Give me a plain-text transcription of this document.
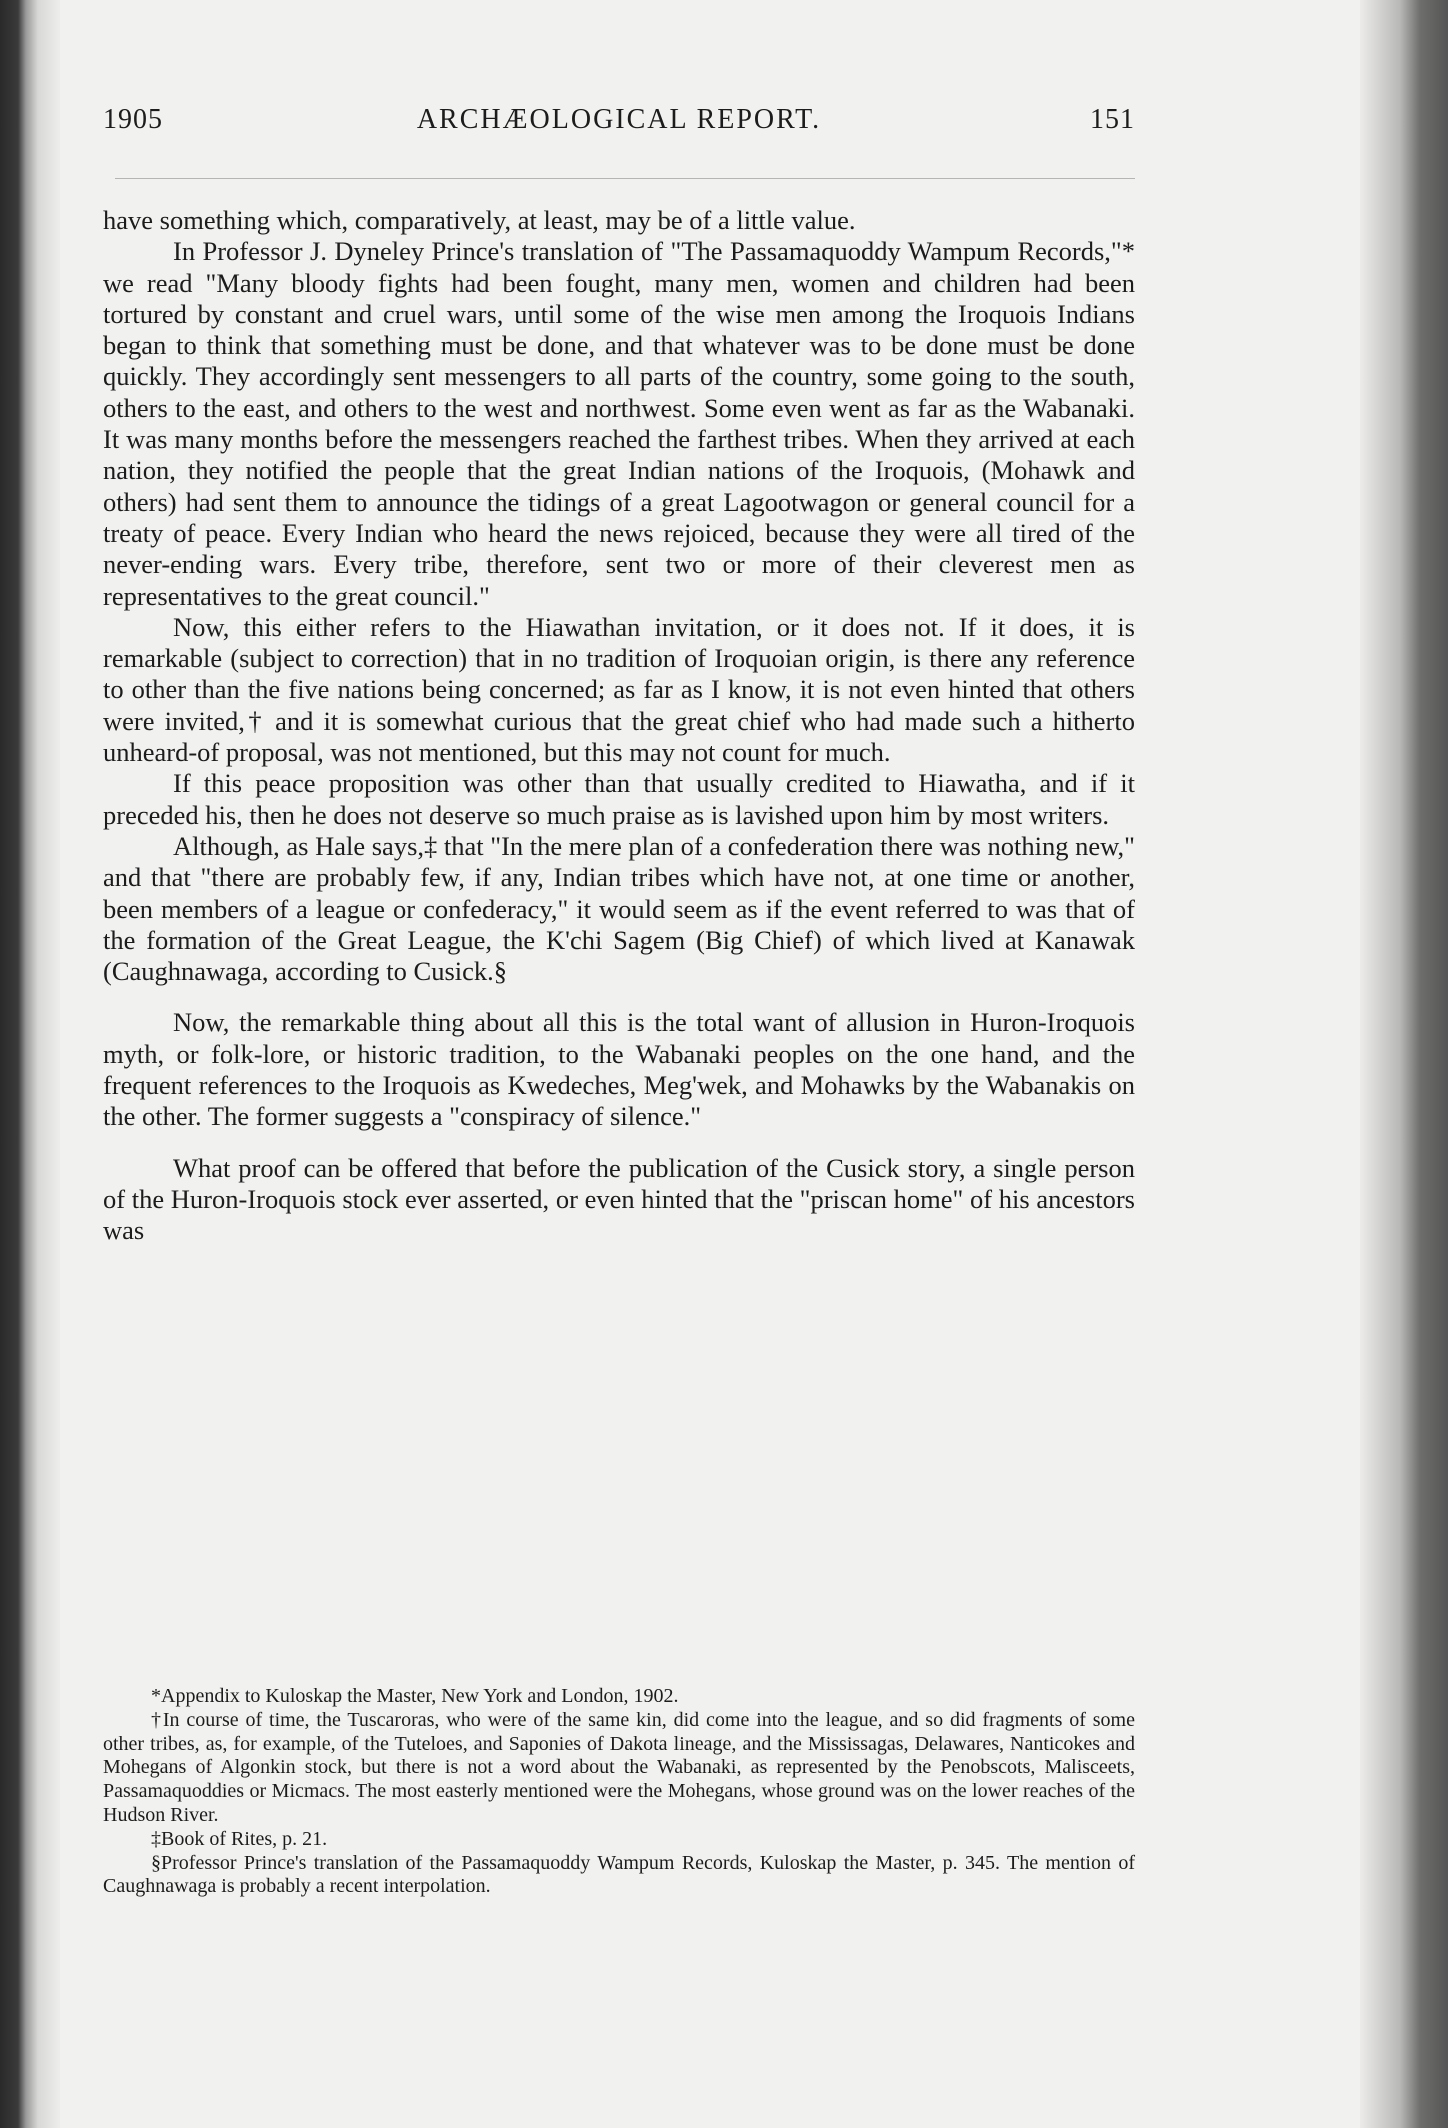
1905	ARCHÆOLOGICAL REPORT.	151

have something which, comparatively, at least, may be of a little value.

In Professor J. Dyneley Prince's translation of "The Passamaquoddy Wampum Records,"* we read "Many bloody fights had been fought, many men, women and children had been tortured by constant and cruel wars, until some of the wise men among the Iroquois Indians began to think that something must be done, and that whatever was to be done must be done quickly. They accordingly sent messengers to all parts of the country, some going to the south, others to the east, and others to the west and northwest. Some even went as far as the Wabanaki. It was many months before the messengers reached the farthest tribes. When they arrived at each nation, they notified the people that the great Indian nations of the Iroquois, (Mohawk and others) had sent them to announce the tidings of a great Lagootwagon or general council for a treaty of peace. Every Indian who heard the news rejoiced, because they were all tired of the never-ending wars. Every tribe, therefore, sent two or more of their cleverest men as representatives to the great council."

Now, this either refers to the Hiawathan invitation, or it does not. If it does, it is remarkable (subject to correction) that in no tradition of Iroquoian origin, is there any reference to other than the five nations being concerned; as far as I know, it is not even hinted that others were invited,† and it is somewhat curious that the great chief who had made such a hitherto unheard-of proposal, was not mentioned, but this may not count for much.

If this peace proposition was other than that usually credited to Hiawatha, and if it preceded his, then he does not deserve so much praise as is lavished upon him by most writers.

Although, as Hale says,‡ that "In the mere plan of a confederation there was nothing new," and that "there are probably few, if any, Indian tribes which have not, at one time or another, been members of a league or confederacy," it would seem as if the event referred to was that of the formation of the Great League, the K'chi Sagem (Big Chief) of which lived at Kanawak (Caughnawaga, according to Cusick.§

Now, the remarkable thing about all this is the total want of allusion in Huron-Iroquois myth, or folk-lore, or historic tradition, to the Wabanaki peoples on the one hand, and the frequent references to the Iroquois as Kwedeches, Meg'wek, and Mohawks by the Wabanakis on the other. The former suggests a "conspiracy of silence."

What proof can be offered that before the publication of the Cusick story, a single person of the Huron-Iroquois stock ever asserted, or even hinted that the "priscan home" of his ancestors was

*Appendix to Kuloskap the Master, New York and London, 1902.

†In course of time, the Tuscaroras, who were of the same kin, did come into the league, and so did fragments of some other tribes, as, for example, of the Tuteloes, and Saponies of Dakota lineage, and the Mississagas, Delawares, Nanticokes and Mohegans of Algonkin stock, but there is not a word about the Wabanaki, as represented by the Penobscots, Malisceets, Passamaquoddies or Micmacs. The most easterly mentioned were the Mohegans, whose ground was on the lower reaches of the Hudson River.

‡Book of Rites, p. 21.

§Professor Prince's translation of the Passamaquoddy Wampum Records, Kuloskap the Master, p. 345. The mention of Caughnawaga is probably a recent interpolation.
